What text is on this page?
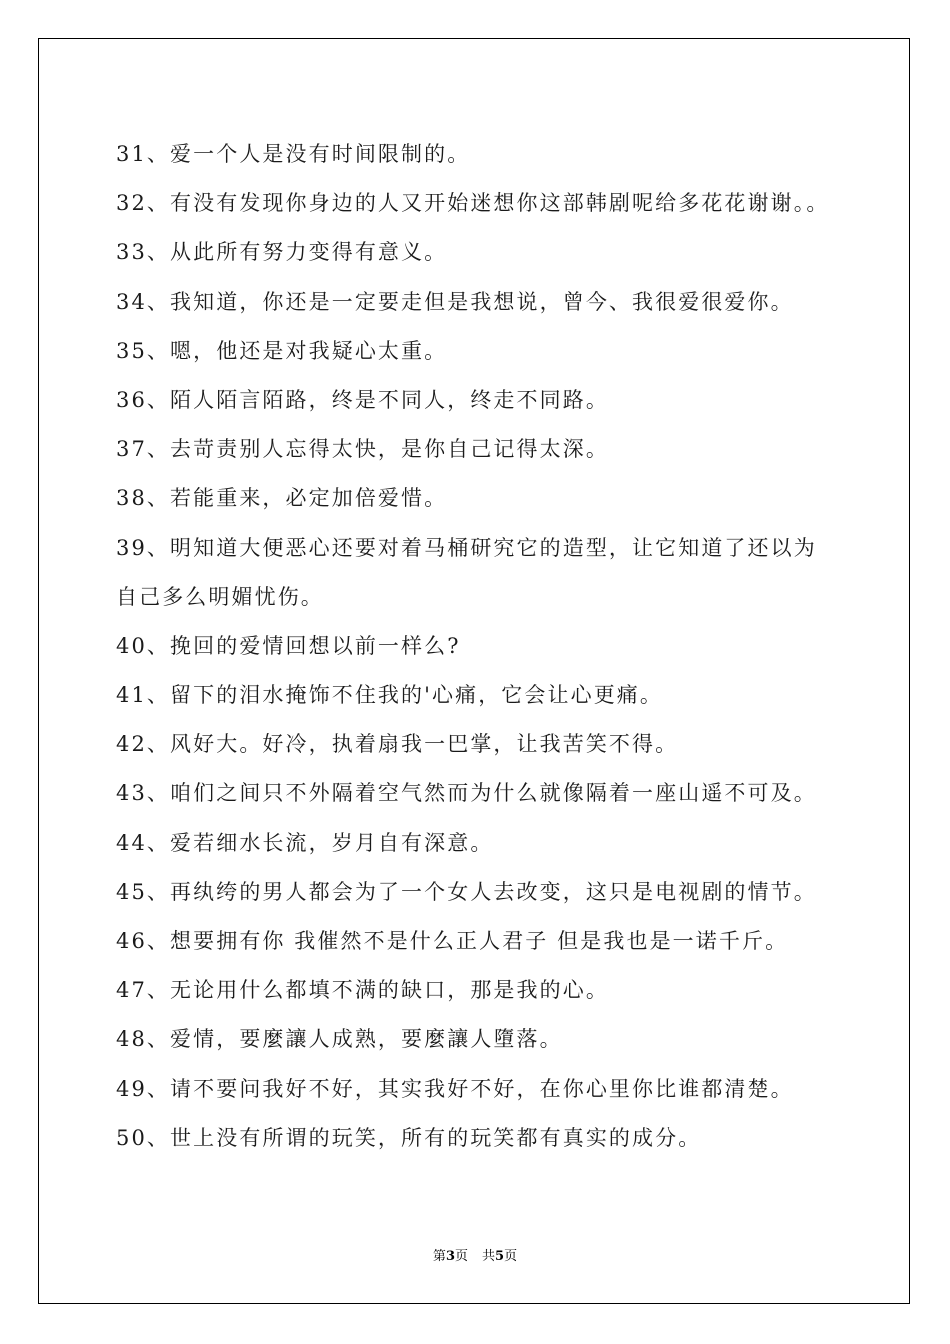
31、爱一个人是没有时间限制的。
32、有没有发现你身边的人又开始迷想你这部韩剧呢给多花花谢谢。。
33、从此所有努力变得有意义。
34、我知道，你还是一定要走但是我想说，曾今、我很爱很爱你。
35、嗯，他还是对我疑心太重。
36、陌人陌言陌路，终是不同人，终走不同路。
37、去苛责别人忘得太快，是你自己记得太深。
38、若能重来，必定加倍爱惜。
39、明知道大便恶心还要对着马桶研究它的造型，让它知道了还以为
自己多么明媚忧伤。
40、挽回的爱情回想以前一样么?
41、留下的泪水掩饰不住我的'心痛，它会让心更痛。
42、风好大。好冷，执着扇我一巴掌，让我苦笑不得。
43、咱们之间只不外隔着空气然而为什么就像隔着一座山遥不可及。
44、爱若细水长流，岁月自有深意。
45、再纨绔的男人都会为了一个女人去改变，这只是电视剧的情节。
46、想要拥有你 我催然不是什么正人君子 但是我也是一诺千斤。
47、无论用什么都填不满的缺口，那是我的心。
48、爱情，要麼讓人成熟，要麼讓人墮落。
49、请不要问我好不好，其实我好不好，在你心里你比谁都清楚。
50、世上没有所谓的玩笑，所有的玩笑都有真实的成分。
第3页 共5页
